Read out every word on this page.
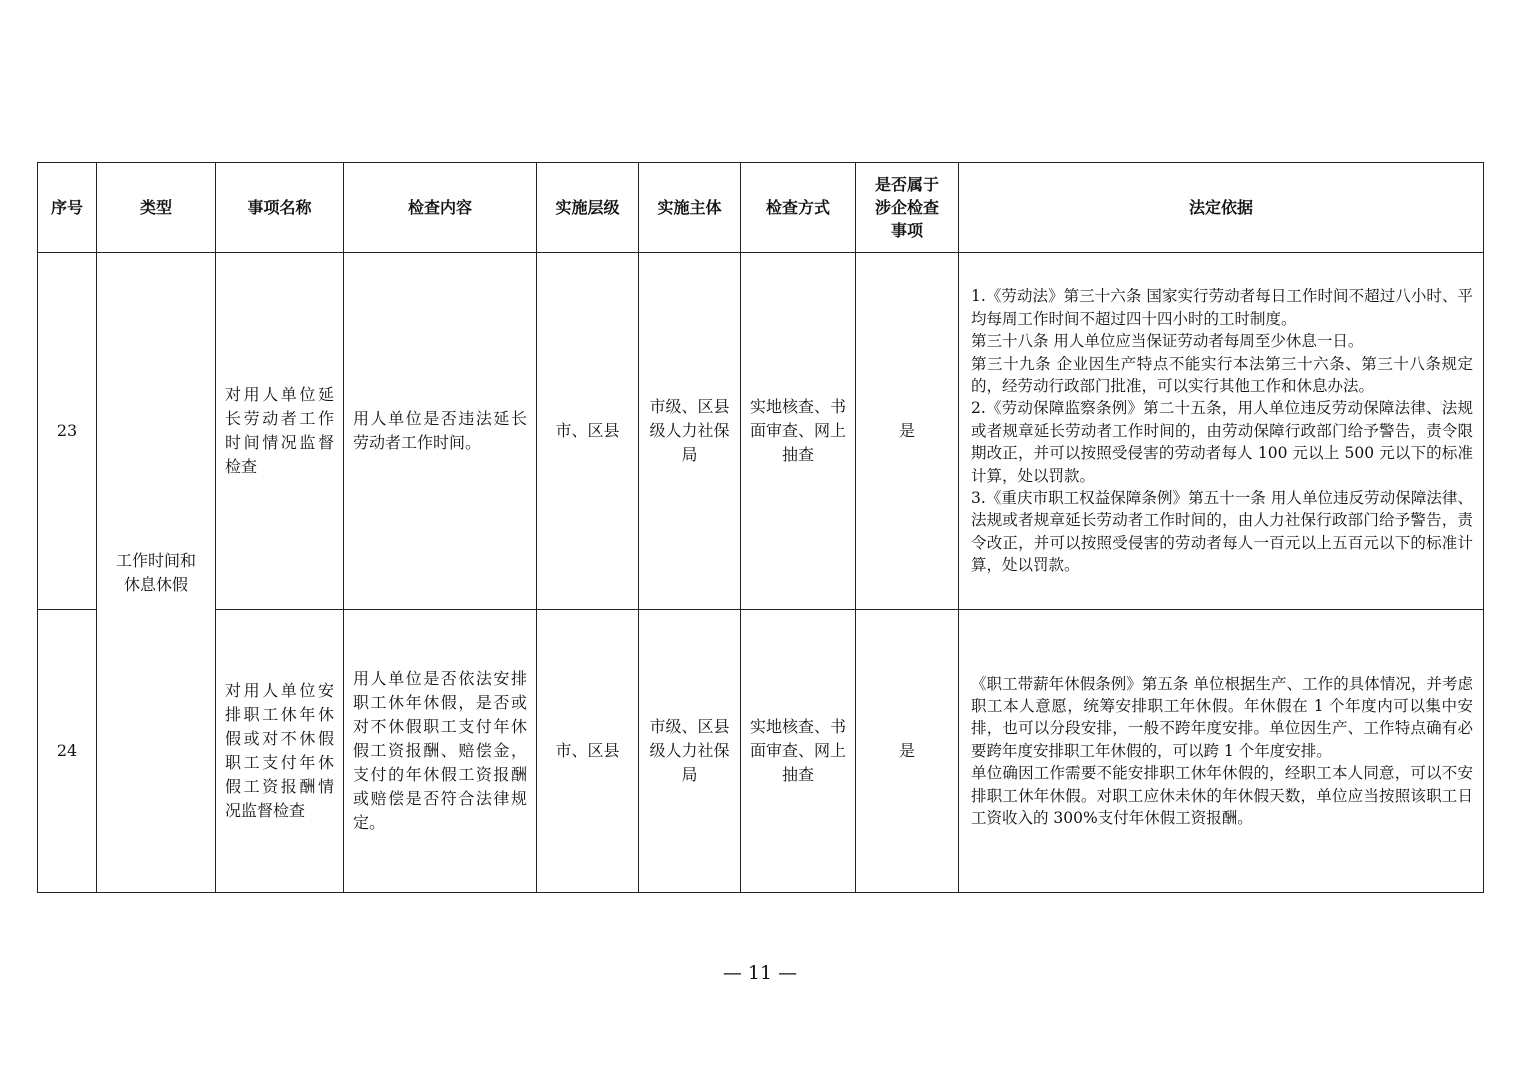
序号	类型	事项名称	检查内容	实施层级	实施主体	检查方式	是否属于涉企检查事项	法定依据
23	工作时间和休息休假	对用人单位延长劳动者工作时间情况监督检查	用人单位是否违法延长劳动者工作时间。	市、区县	市级、区县级人力社保局	实地核查、书面审查、网上抽查	是	1.《劳动法》第三十六条 国家实行劳动者每日工作时间不超过八小时、平均每周工作时间不超过四十四小时的工时制度。

第三十八条 用人单位应当保证劳动者每周至少休息一日。

第三十九条 企业因生产特点不能实行本法第三十六条、第三十八条规定的，经劳动行政部门批准，可以实行其他工作和休息办法。

2.《劳动保障监察条例》第二十五条，用人单位违反劳动保障法律、法规或者规章延长劳动者工作时间的，由劳动保障行政部门给予警告，责令限期改正，并可以按照受侵害的劳动者每人 100 元以上 500 元以下的标准计算，处以罚款。

3.《重庆市职工权益保障条例》第五十一条 用人单位违反劳动保障法律、法规或者规章延长劳动者工作时间的，由人力社保行政部门给予警告，责令改正，并可以按照受侵害的劳动者每人一百元以上五百元以下的标准计算，处以罚款。

24		对用人单位安排职工休年休假或对不休假职工支付年休假工资报酬情况监督检查	用人单位是否依法安排职工休年休假，是否或对不休假职工支付年休假工资报酬、赔偿金，支付的年休假工资报酬或赔偿是否符合法律规定。	市、区县	市级、区县级人力社保局	实地核查、书面审查、网上抽查	是	《职工带薪年休假条例》第五条 单位根据生产、工作的具体情况，并考虑职工本人意愿，统筹安排职工年休假。年休假在 1 个年度内可以集中安排，也可以分段安排，一般不跨年度安排。单位因生产、工作特点确有必要跨年度安排职工年休假的，可以跨 1 个年度安排。

单位确因工作需要不能安排职工休年休假的，经职工本人同意，可以不安排职工休年休假。对职工应休未休的年休假天数，单位应当按照该职工日工资收入的 300%支付年休假工资报酬。

— 11 —
